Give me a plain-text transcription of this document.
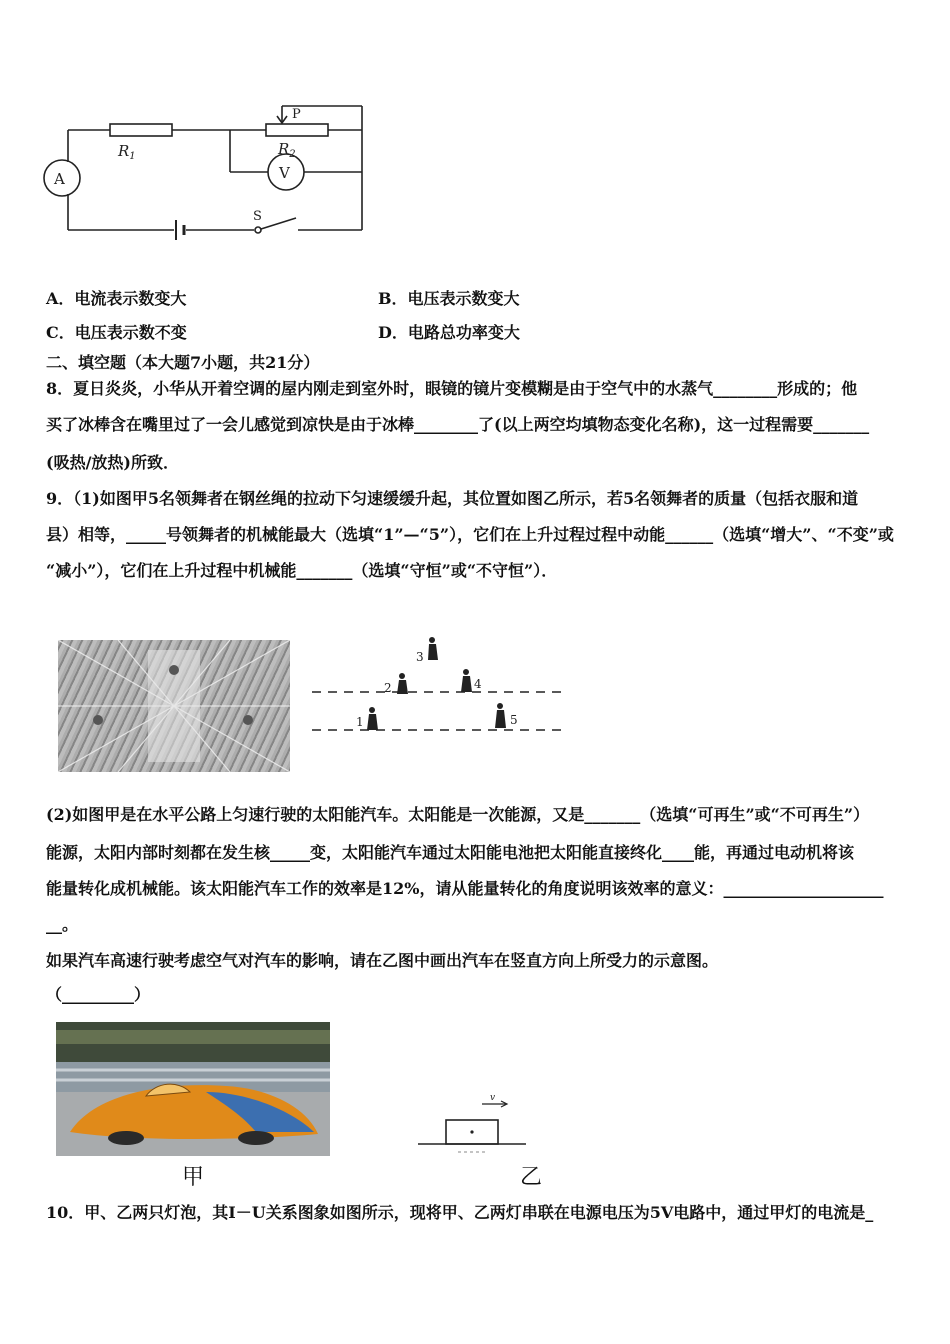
$R_1$	$R_2$
P
A	V
S
A．电流表示数变大	B．电压表示数变大
C．电压表示数不变	D．电路总功率变大
二、填空题（本大题7小题，共21分）
8．夏日炎炎，小华从开着空调的屋内刚走到室外时，眼镜的镜片变模糊是由于空气中的水蒸气________形成的；他
买了冰棒含在嘴里过了一会儿感觉到凉快是由于冰棒________了(以上两空均填物态变化名称)，这一过程需要_______
(吸热/放热)所致．
9．（1)如图甲5名领舞者在钢丝绳的拉动下匀速缓缓升起，其位置如图乙所示，若5名领舞者的质量（包括衣服和道
县）相等，_____号领舞者的机械能最大（选填“1”—“5”），它们在上升过程过程中动能______（选填“增大”、“不变”或
“减小”），它们在上升过程中机械能_______（选填“守恒”或“不守恒”）．
3
2	4
1	5
(2)如图甲是在水平公路上匀速行驶的太阳能汽车。太阳能是一次能源，又是_______（选填“可再生”或“不可再生”）
能源，太阳内部时刻都在发生核_____变，太阳能汽车通过太阳能电池把太阳能直接终化____能，再通过电动机将该
能量转化成机械能。该太阳能汽车工作的效率是12%，请从能量转化的角度说明该效率的意义：____________________
__。
如果汽车高速行驶考虑空气对汽车的影响，请在乙图中画出汽车在竖直方向上所受力的示意图。
（_________）
甲
v
乙
10．甲、乙两只灯泡，其I－U关系图象如图所示，现将甲、乙两灯串联在电源电压为5V电路中，通过甲灯的电流是_
